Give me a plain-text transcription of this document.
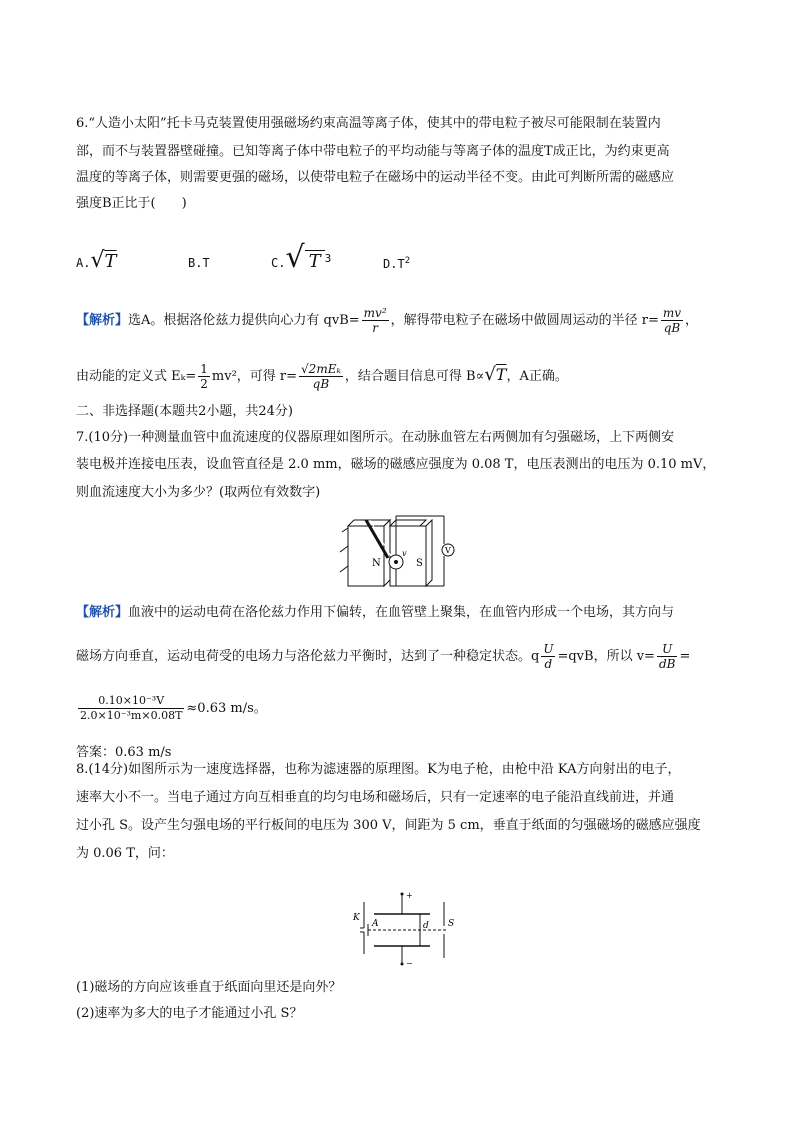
6.“人造小太阳”托卡马克装置使用强磁场约束高温等离子体，使其中的带电粒子被尽可能限制在装置内
部，而不与装置器壁碰撞。已知等离子体中带电粒子的平均动能与等离子体的温度T成正比，为约束更高
温度的等离子体，则需要更强的磁场，以使带电粒子在磁场中的运动半径不变。由此可判断所需的磁感应
强度B正比于(　　)
A.√T	B.T	C.√ T $^3$	$D.T^2$
【解析】选A。根据洛伦兹力提供向心力有 $qvB= \frac{\text{mv²}}{r}$ ，解得带电粒子在磁场中做圆周运动的半径 $r= \frac{mv}{qB}$ ，
由动能的定义式 $E_k= \frac{1}{2} mv^2$，可得 $r= \frac{\text{√2mEₖ}}{qB}$ ，结合题目信息可得 B∝√T，A正确。
二、非选择题(本题共2小题，共24分)
7.(10分)一种测量血管中血流速度的仪器原理如图所示。在动脉血管左右两侧加有匀强磁场，上下两侧安
装电极并连接电压表，设血管直径是 2.0 mm，磁场的磁感应强度为 0.08 T，电压表测出的电压为 0.10 mV，
则血流速度大小为多少？(取两位有效数字)
V
N	S
v
【解析】血液中的运动电荷在洛伦兹力作用下偏转，在血管壁上聚集，在血管内形成一个电场，其方向与
磁场方向垂直，运动电荷受的电场力与洛伦兹力平衡时，达到了一种稳定状态。q $\frac{U}{d} =qvB$，所以 $v= \frac{U}{dB}$ =
$\frac{\text{0.10×10⁻³V}}{\text{2.0×10⁻³m×0.08T}} \approx 0.63$ m/s。
答案：0.63 m/s
8.(14分)如图所示为一速度选择器，也称为滤速器的原理图。K为电子枪，由枪中沿 KA方向射出的电子，
速率大小不一。当电子通过方向互相垂直的均匀电场和磁场后，只有一定速率的电子能沿直线前进，并通
过小孔 S。设产生匀强电场的平行板间的电压为 300 V，间距为 5 cm，垂直于纸面的匀强磁场的磁感应强度
为 0.06 T，问：
K
A	d S
+
−
(1)磁场的方向应该垂直于纸面向里还是向外？
(2)速率为多大的电子才能通过小孔 S？
